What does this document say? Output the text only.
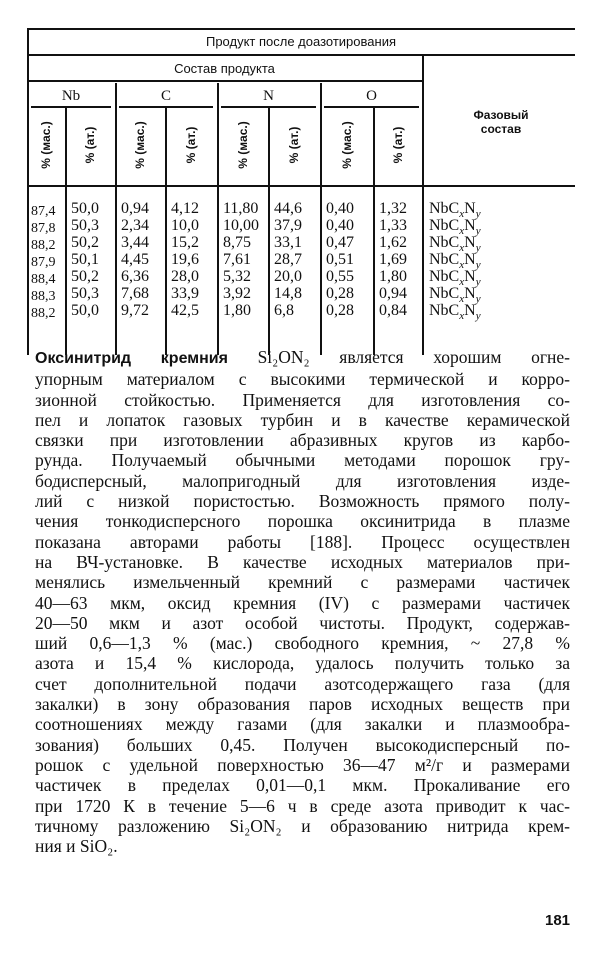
Продукт после доазотирования
Состав продукта
Фазовый
состав
Nb	C	N	O
% (мас.)	% (ат.)	% (мас.)	% (ат.)	% (мас.)	% (ат.)	% (мас.)	% (ат.)
87,4 50,0 0,94 4,12 11,80 44,6 0,40 1,32 $NbC_xN_y$
87,8 50,3 2,34 10,0 10,00 37,9 0,40 1,33 $NbC_xN_y$
88,2 50,2 3,44 15,2 8,75 33,1 0,47 1,62 $NbC_xN_y$
87,9 50,1 4,45 19,6 7,61 28,7 0,51 1,69 $NbC_xN_y$
88,4 50,2 6,36 28,0 5,32 20,0 0,55 1,80 $NbC_xN_y$
88,3 50,3 7,68 33,9 3,92 14,8 0,28 0,94 $NbC_xN_y$
88,2 50,0 9,72 42,5 1,80 6,8 0,28 0,84 $NbC_xN_y$
Оксинитрид кремния Si₂ON₂ является хорошим огне-
упорным материалом с высокими термической и корро-
зионной стойкостью. Применяется для изготовления со-
пел и лопаток газовых турбин и в качестве керамической
связки при изготовлении абразивных кругов из карбо-
рунда. Получаемый обычными методами порошок гру-
бодисперсный, малопригодный для изготовления изде-
лий с низкой пористостью. Возможность прямого полу-
чения тонкодисперсного порошка оксинитрида в плазме
показана авторами работы [188]. Процесс осуществлен
на ВЧ-установке. В качестве исходных материалов при-
менялись измельченный кремний с размерами частичек
40—63 мкм, оксид кремния (IV) с размерами частичек
20—50 мкм и азот особой чистоты. Продукт, содержав-
ший 0,6—1,3 % (мас.) свободного кремния, ~ 27,8 %
азота и 15,4 % кислорода, удалось получить только за
счет дополнительной подачи азотсодержащего газа (для
закалки) в зону образования паров исходных веществ при
соотношениях между газами (для закалки и плазмообра-
зования) больших 0,45. Получен высокодисперсный по-
рошок с удельной поверхностью 36—47 м²/г и размерами
частичек в пределах 0,01—0,1 мкм. Прокаливание его
при 1720 К в течение 5—6 ч в среде азота приводит к час-
тичному разложению Si₂ON₂ и образованию нитрида крем-
ния и SiO₂.
181
